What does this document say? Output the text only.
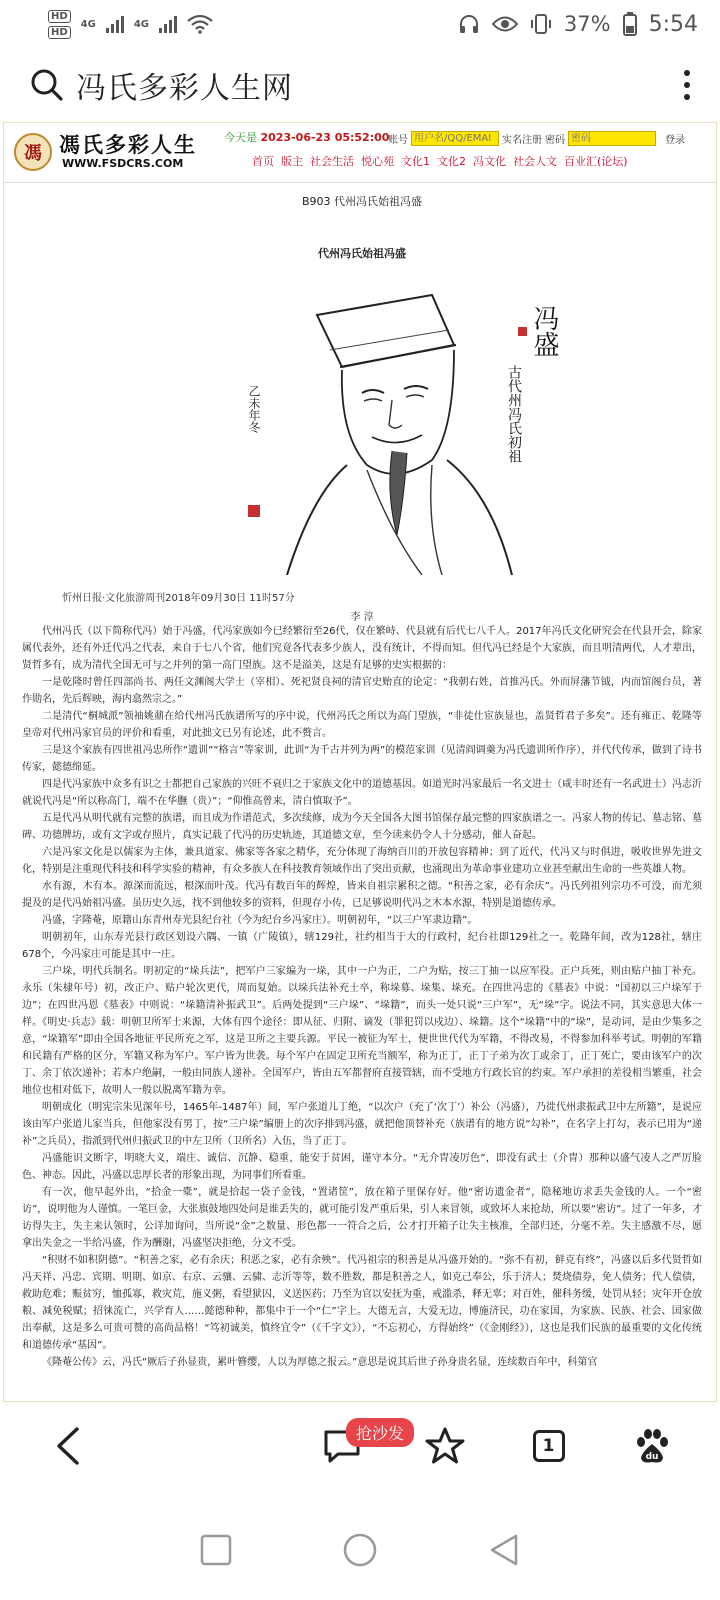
HD
HD
4G	4G	37% 5:54
冯氏多彩人生网
馮 馮氏多彩人生
WWW.FSDCRS.COM
今天是 2023-06-23 05:52:00
账号
用户名/QQ/EMAI	实名注册 密码
密码	登录
首页 版主 社会生活 悦心苑 文化1 文化2 冯文化 社会人文 百业汇(论坛)
B903 代州冯氏始祖冯盛
代州冯氏始祖冯盛
冯盛
古代州冯氏初祖
乙未年冬
忻州日报·文化旅游周刊2018年09月30日 11时57分
李 淳

代州冯氏（以下简称代冯）始于冯盛，代冯家族如今已经繁衍至26代，仅在繁峙、代县就有后代七八千人。2017年冯氏文化研究会在代县开会，除家属代表外，还有外迁代冯之代表，来自于七八个省，他们究竟各代表多少族人，没有统计，不得而知。但代冯已经是个大家族，而且明清两代，人才辈出，贤哲多有，成为清代全国无可与之并列的第一高门望族。这不是溢美，这是有足够的史实根据的：

一是乾隆时曾任四部尚书、两任文渊阁大学士（宰相）、死祀贤良祠的清官史贻直的论定：“我朝右姓，首推冯氏。外而屏藩节钺，内而馆阁台员，著作勋名，先后辉映，海内翕然宗之。”

二是清代“桐城派”领袖姚鼐在给代州冯氏族谱所写的序中说，代州冯氏之所以为高门望族，“非徒仕宦族显也，盖贤哲君子多矣”。还有雍正、乾隆等皇帝对代州冯家官员的评价和看重，对此拙文已另有论述，此不赘言。

三是这个家族有四世祖冯忠所作“遗训”“格言”等家训，此训“为千古并列为两”的模范家训（见清阎调羹为冯氏遗训所作序），并代代传承，做到了诗书传家，懿德绵延。

四是代冯家族中众多有识之士都把自己家族的兴旺不衰归之于家族文化中的道德基因。如道光时冯家最后一名文进士（咸丰时还有一名武进士）冯志沂就说代冯是“所以称高门，端不在华膴（贵）”；“仰惟高曾来，清白慎取予”。

五是代冯从明代就有完整的族谱，而且成为作谱范式，多次续修，成为今天全国各大图书馆保存最完整的四家族谱之一。冯家人物的传记、墓志铭、墓碑、功德牌坊，或有文字或存照片，真实记载了代冯的历史轨迹，其道德文章，至今读来仍令人十分感动，催人奋起。

六是冯家文化是以儒家为主体，兼具道家、佛家等各家之精华，充分体现了海纳百川的开放包容精神；到了近代，代冯又与时俱进，吸收世界先进文化，特别是注重现代科技和科学实验的精神，有众多族人在科技教育领域作出了突出贡献，也涌现出为革命事业建功立业甚至献出生命的一些英雄人物。

水有源，木有本。源深而流远，根深而叶茂。代冯有数百年的辉煌，皆来自祖宗累积之德。“积善之家，必有余庆”。冯氏列祖列宗功不可没，而尤须提及的是代冯始祖冯盛。虽历史久远，找不到他较多的资料，但现存小传，已足够说明代冯之木本水源，特别是道德传承。

冯盛，字隆菴，原籍山东青州寿光县纪台社（今为纪台乡冯家庄）。明朝初年，“以三户军隶边籍”。

明朝初年，山东寿光县行政区划设六隅、一镇（广陵镇），辖129社，社约相当于大的行政村，纪台社即129社之一。乾隆年间，改为128社，辖庄678个，今冯家庄可能是其中一庄。

三户垛，明代兵制名。明初定的“垛兵法”，把军户三家编为一垛，其中一户为正，二户为贴，按三丁抽一以应军役。正户兵死，则由贴户抽丁补充。永乐（朱棣年号）初，改正户、贴户轮次更代，周而复始。以垛兵法补充士卒，称垛募、垛集、垛充。在四世冯忠的《墓表》中说：“国初以三户垛军于边”；在四世冯恩《墓表》中则说：“垛籍清补振武卫”。后两处提到“三户垛”、“垛籍”，而头一处只说“三户军”，无“垛”字。说法不同，其实意思大体一样。《明史·兵志》载：明朝卫所军士来源，大体有四个途径：即从征、归附、谪发（罪犯罚以戍边）、垛籍。这个“垛籍”中的“垛”，是动词，是由少集多之意，“垛籍军”即由全国各地征平民所充之军，这是卫所之主要兵源。平民一被征为军士，便世世代代为军籍，不得改易，不得参加科举考试。明朝的军籍和民籍有严格的区分，军籍又称为军户。军户皆为世袭。每个军户在固定卫所充当额军，称为正丁，正丁子弟为次丁或余丁，正丁死亡，要由该军户的次丁、余丁依次递补；若本户绝嗣，一般由同族人递补。全国军户，皆由五军都督府直接管辖，而不受地方行政长官的约束。军户承担的差役相当繁重，社会地位也相对低下，故明人一般以脱离军籍为幸。

明朝成化（明宪宗朱见深年号，1465年-1487年）间，军户张道儿丁绝，“以次户（充了‘次丁’）补公（冯盛），乃徙代州隶振武卫中左所籍”，是说应该由军户张道儿家当兵，但他家没有男丁，按“三户垛”编册上的次序排到冯盛，就把他顶替补充（族谱有的地方说“勾补”，在名字上打勾，表示已用为“递补”之兵员），指派到代州归振武卫的中左卫所（卫所名）入伍，当了正丁。

冯盛能识文断字，明晓大义，端庄、诚信、沉静、稳重，能安于贫困，谨守本分。“无介胄凌厉色”，即没有武士（介胄）那种以盛气凌人之严厉脸色、神态。因此，冯盛以忠厚长者的形象出现，为同事们所看重。

有一次，他早起外出，“拾金一橐”，就是拾起一袋子金钱，“置诸筐”，放在箱子里保存好。他“密访遗金者”，隐秘地访求丢失金钱的人。一个“密访”，说明他为人谨慎。一笔巨金，大张旗鼓地四处问是谁丢失的，就可能引发严重后果，引人来冒领，或致坏人来抢劫，所以要“密访”。过了一年多，才访得失主，失主来认领时，公详加询问，当所说“金”之数量、形色都一一符合之后，公才打开箱子让失主核准，全部归还，分毫不差。失主感激不尽，愿拿出失金之一半给冯盛，作为酬谢，冯盛坚决拒绝，分文不受。

“积财不如积阴德”。“积善之家，必有余庆；积恶之家，必有余殃”。代冯祖宗的积善是从冯盛开始的。“弥不有初，鲜克有终”，冯盛以后多代贤哲如冯天祥、冯忠、宾期、明期、如京、右京、云骧、云骕、志沂等等，数不胜数，都是积善之人，如克己奉公，乐于济人；焚烧债券，免人债务；代人偿债，救助危难；赈贫穷，恤孤寡，救灾荒，施义粥，看望狱囚，义送医药；乃至为官以安抚为重，戒滥杀，释无辜；对百姓，催科务缓，处罚从轻；灾年开仓放粮、减免税赋；招徕流亡，兴学育人……懿德种种，都集中于一个“仁”字上。大德无言，大爱无边，博施济民，功在家国，为家族、民族、社会、国家做出奉献，这是多么可贵可赞的高尚品格！“笃初诚美，慎终宜令”（《千字文》），“不忘初心，方得始终”（《金刚经》），这也是我们民族的最重要的文化传统和道德传承“基因”。

《隆菴公传》云，冯氏“厥后子孙显贵，累叶簪缨，人以为厚德之报云。”意思是说其后世子孙身贵名显，连续数百年中，科第官

1
du
抢沙发
